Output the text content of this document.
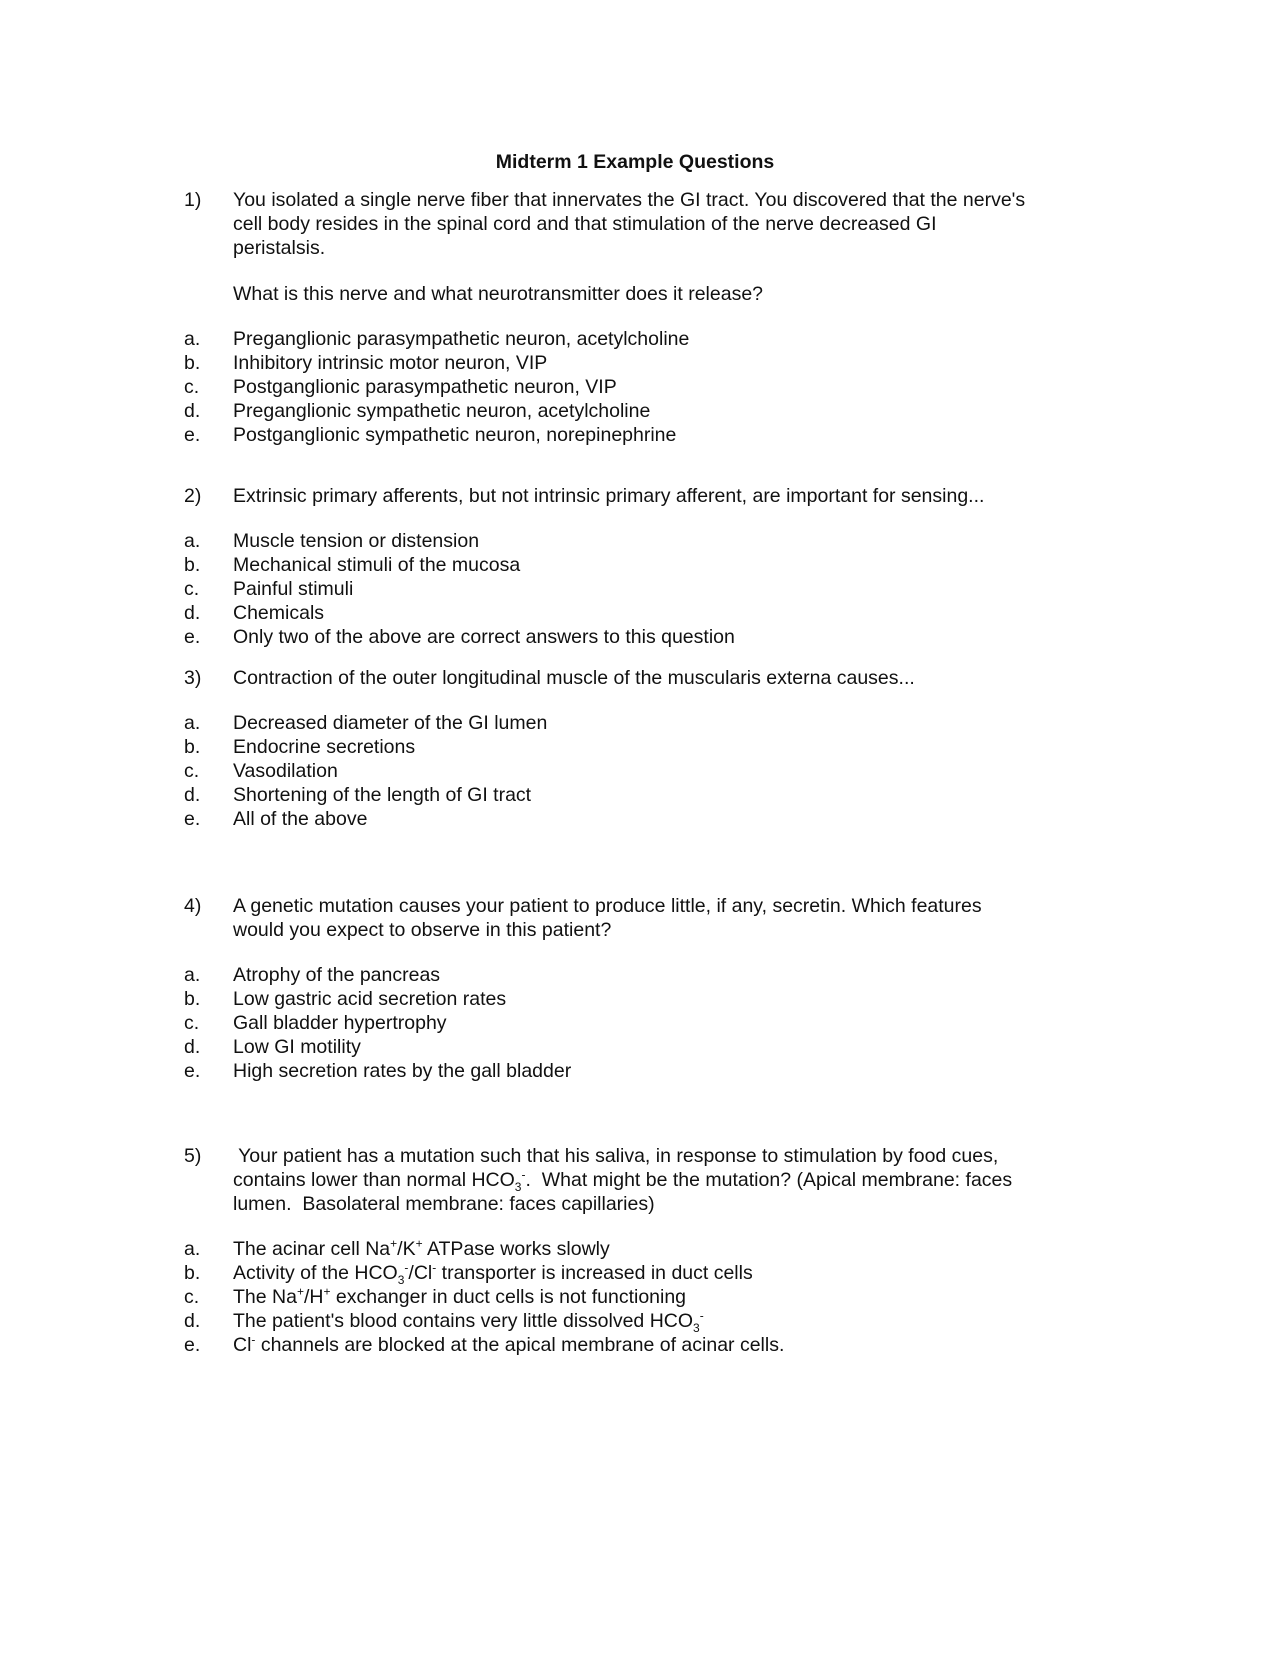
Midterm 1 Example Questions
1)	You isolated a single nerve fiber that innervates the GI tract. You discovered that the nerve's
cell body resides in the spinal cord and that stimulation of the nerve decreased GI
peristalsis.
What is this nerve and what neurotransmitter does it release?
a.	Preganglionic parasympathetic neuron, acetylcholine
b.	Inhibitory intrinsic motor neuron, VIP
c.	Postganglionic parasympathetic neuron, VIP
d.	Preganglionic sympathetic neuron, acetylcholine
e.	Postganglionic sympathetic neuron, norepinephrine
2)	Extrinsic primary afferents, but not intrinsic primary afferent, are important for sensing...
a.	Muscle tension or distension
b.	Mechanical stimuli of the mucosa
c.	Painful stimuli
d.	Chemicals
e.	Only two of the above are correct answers to this question
3)	Contraction of the outer longitudinal muscle of the muscularis externa causes...
a.	Decreased diameter of the GI lumen
b.	Endocrine secretions
c.	Vasodilation
d.	Shortening of the length of GI tract
e.	All of the above
4)	A genetic mutation causes your patient to produce little, if any, secretin. Which features
would you expect to observe in this patient?
a.	Atrophy of the pancreas
b.	Low gastric acid secretion rates
c.	Gall bladder hypertrophy
d.	Low GI motility
e.	High secretion rates by the gall bladder
5)	Your patient has a mutation such that his saliva, in response to stimulation by food cues,
contains lower than normal $HCO_3^-$.  What might be the mutation? (Apical membrane: faces
lumen.  Basolateral membrane: faces capillaries)
a.	The acinar cell Na+/K+ ATPase works slowly
b.	Activity of the $HCO_3^-/Cl^-$ transporter is increased in duct cells
c.	The Na+/H+ exchanger in duct cells is not functioning
d.	The patient's blood contains very little dissolved $HCO_3^-$
e.	Cl- channels are blocked at the apical membrane of acinar cells.
